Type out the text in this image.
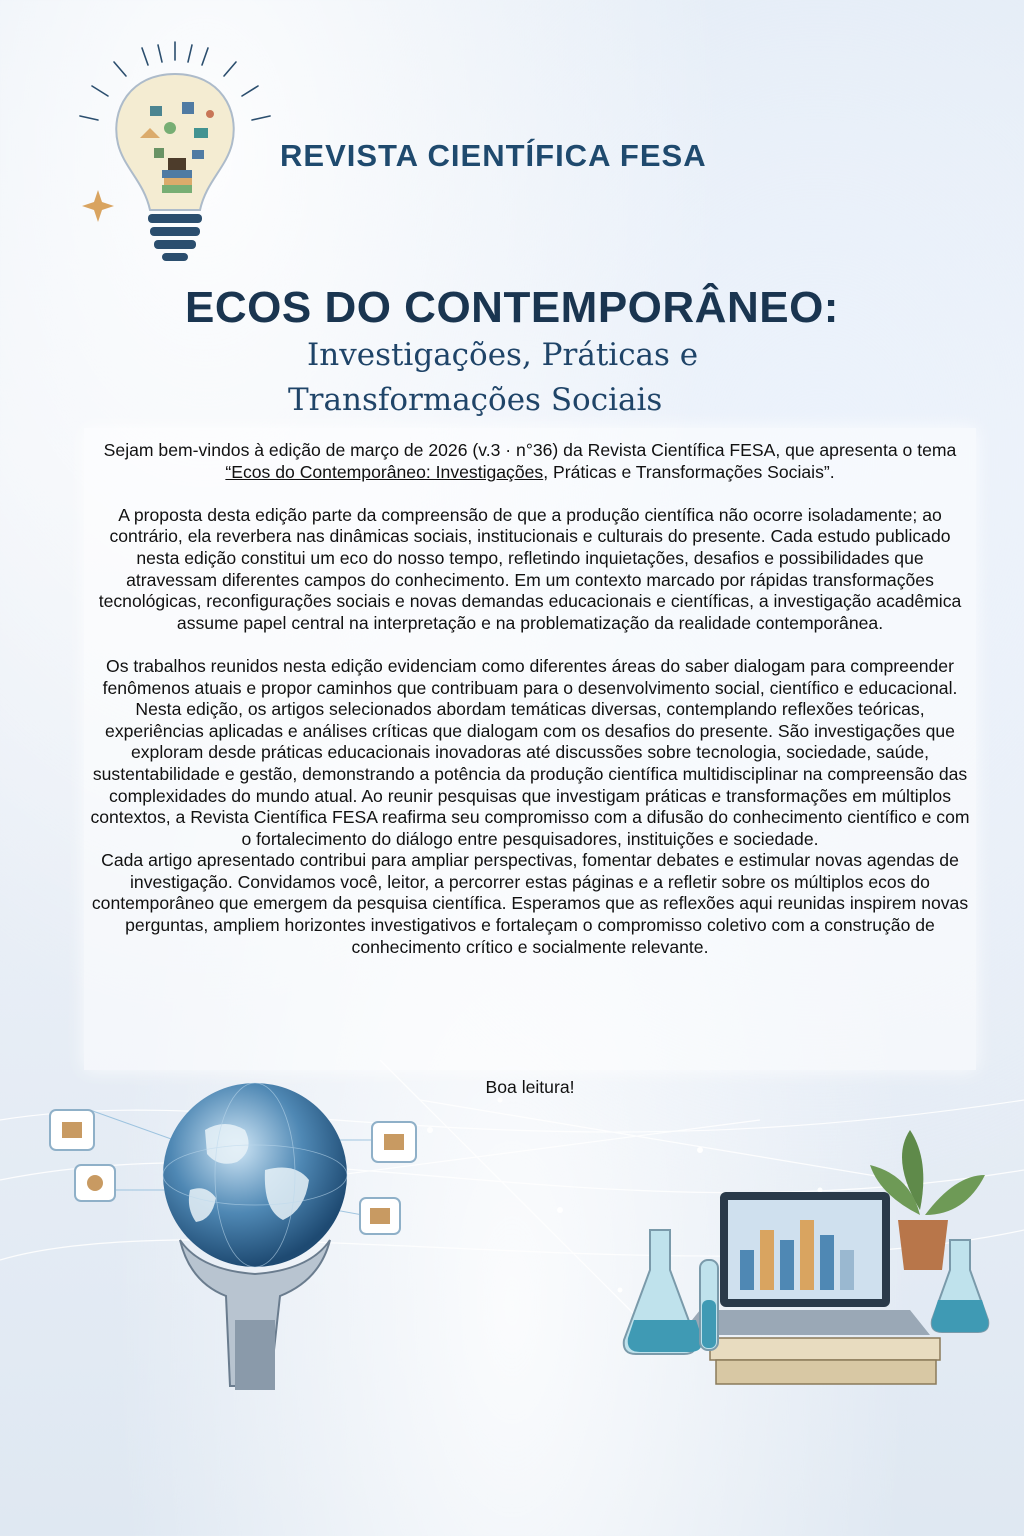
REVISTA CIENTÍFICA FESA
ECOS DO CONTEMPORÂNEO:
Investigações, Práticas e
Transformações Sociais

Sejam bem-vindos à edição de março de 2026 (v.3 · n°36) da Revista Científica FESA, que apresenta o tema “Ecos do Contemporâneo: Investigações, Práticas e Transformações Sociais”.

A proposta desta edição parte da compreensão de que a produção científica não ocorre isoladamente; ao contrário, ela reverbera nas dinâmicas sociais, institucionais e culturais do presente. Cada estudo publicado nesta edição constitui um eco do nosso tempo, refletindo inquietações, desafios e possibilidades que atravessam diferentes campos do conhecimento. Em um contexto marcado por rápidas transformações tecnológicas, reconfigurações sociais e novas demandas educacionais e científicas, a investigação acadêmica assume papel central na interpretação e na problematização da realidade contemporânea.

Os trabalhos reunidos nesta edição evidenciam como diferentes áreas do saber dialogam para compreender fenômenos atuais e propor caminhos que contribuam para o desenvolvimento social, científico e educacional. Nesta edição, os artigos selecionados abordam temáticas diversas, contemplando reflexões teóricas, experiências aplicadas e análises críticas que dialogam com os desafios do presente. São investigações que exploram desde práticas educacionais inovadoras até discussões sobre tecnologia, sociedade, saúde, sustentabilidade e gestão, demonstrando a potência da produção científica multidisciplinar na compreensão das complexidades do mundo atual. Ao reunir pesquisas que investigam práticas e transformações em múltiplos contextos, a Revista Científica FESA reafirma seu compromisso com a difusão do conhecimento científico e com o fortalecimento do diálogo entre pesquisadores, instituições e sociedade.

Cada artigo apresentado contribui para ampliar perspectivas, fomentar debates e estimular novas agendas de investigação. Convidamos você, leitor, a percorrer estas páginas e a refletir sobre os múltiplos ecos do contemporâneo que emergem da pesquisa científica. Esperamos que as reflexões aqui reunidas inspirem novas perguntas, ampliem horizontes investigativos e fortaleçam o compromisso coletivo com a construção de conhecimento crítico e socialmente relevante.

Boa leitura!
